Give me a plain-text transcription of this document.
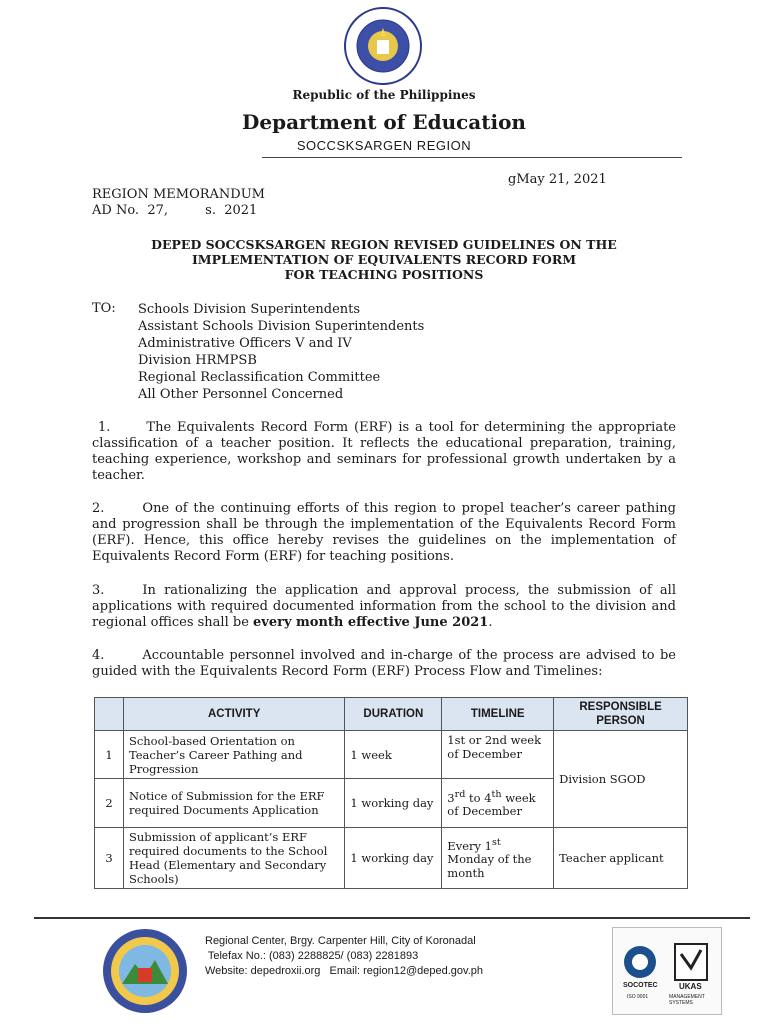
Republic of the Philippines
Department of Education
SOCCSKSARGEN REGION
gMay 21, 2021
REGION MEMORANDUM
AD No.  27,         s.  2021
DEPED SOCCSKSARGEN REGION REVISED GUIDELINES ON THE
IMPLEMENTATION OF EQUIVALENTS RECORD FORM
FOR TEACHING POSITIONS
TO: Schools Division Superintendents
Assistant Schools Division Superintendents
Administrative Officers V and IV
Division HRMPSB
Regional Reclassification Committee
All Other Personnel Concerned
1.	The Equivalents Record Form (ERF) is a tool for determining the appropriate classification of a teacher position. It reflects the educational preparation, training, teaching experience, workshop and seminars for professional growth undertaken by a teacher.
2.	One of the continuing efforts of this region to propel teacher’s career pathing and progression shall be through the implementation of the Equivalents Record Form (ERF). Hence, this office hereby revises the guidelines on the implementation of Equivalents Record Form (ERF) for teaching positions.
3.	In rationalizing the application and approval process, the submission of all applications with required documented information from the school to the division and regional offices shall be every month effective June 2021.
4.	Accountable personnel involved and in-charge of the process are advised to be guided with the Equivalents Record Form (ERF) Process Flow and Timelines:
	ACTIVITY	DURATION	TIMELINE	RESPONSIBLE PERSON
1	School-based Orientation on Teacher’s Career Pathing and Progression	1 week	1st or 2nd week of December	Division SGOD
2	Notice of Submission for the ERF required Documents Application	1 working day	3rd to 4th week of December	
3	Submission of applicant’s ERF required documents to the School Head (Elementary and Secondary Schools)	1 working day	Every 1st Monday of the month	Teacher applicant
Regional Center, Brgy. Carpenter Hill, City of Koronadal
Telefax No.: (083) 2288825/ (083) 2281893
Website: depedroxii.org   Email: region12@deped.gov.ph
SOCOTEC
ISO 9001
UKAS
MANAGEMENT SYSTEMS
